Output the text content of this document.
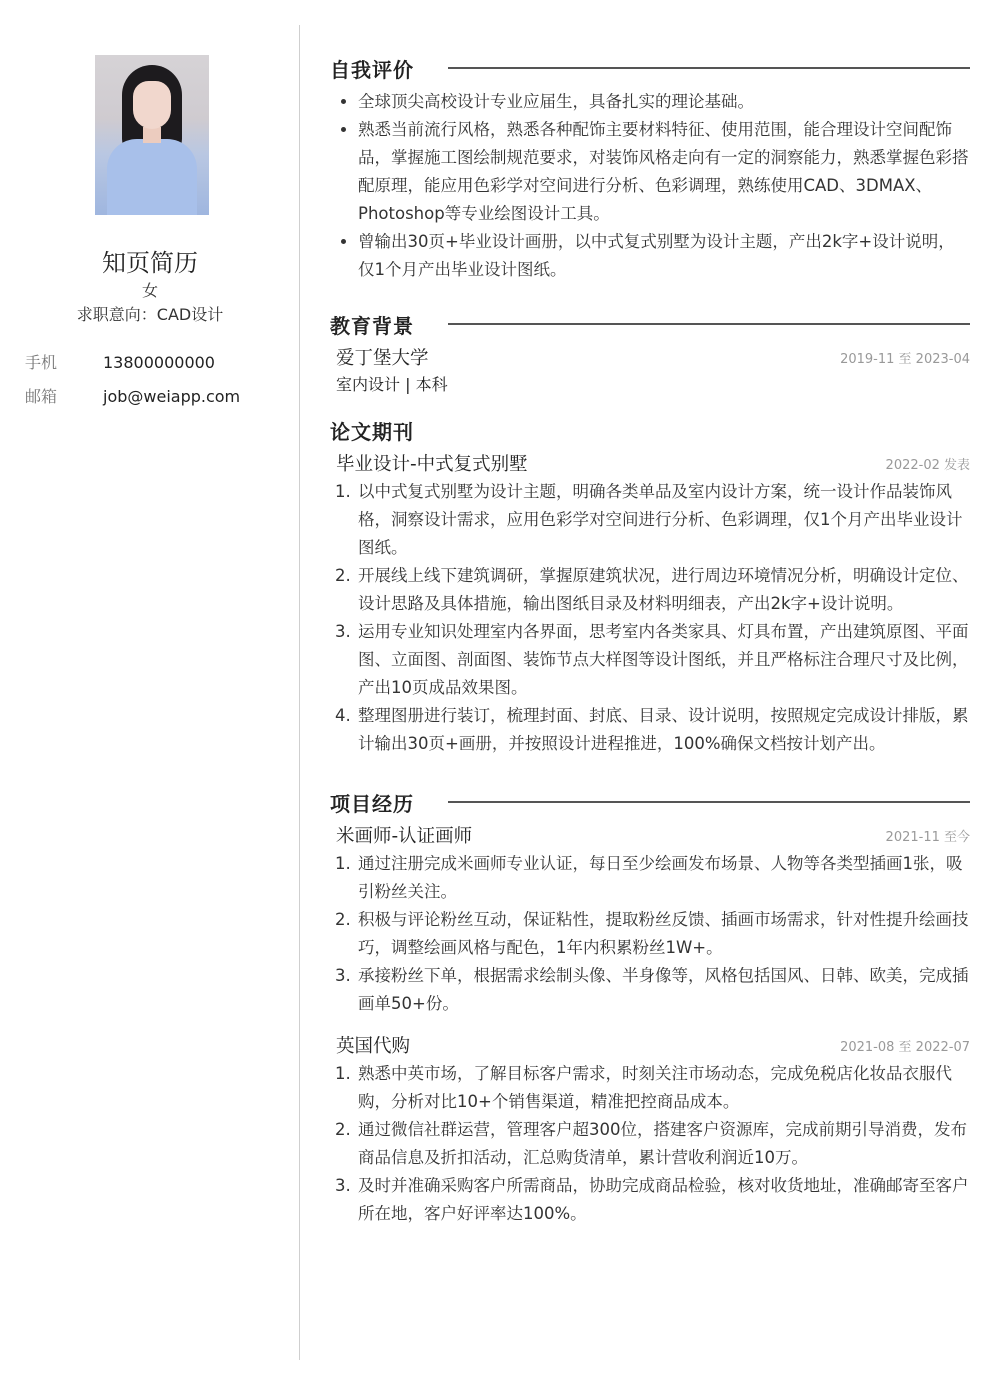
知页简历
女
求职意向：CAD设计
手机	13800000000
邮箱	job@weiapp.com
自我评价
• 全球顶尖高校设计专业应届生，具备扎实的理论基础。
• 熟悉当前流行风格，熟悉各种配饰主要材料特征、使用范围，能合理设计空间配饰品，掌握施工图绘制规范要求，对装饰风格走向有一定的洞察能力，熟悉掌握色彩搭配原理，能应用色彩学对空间进行分析、色彩调理，熟练使用CAD、3DMAX、Photoshop等专业绘图设计工具。
• 曾输出30页+毕业设计画册，以中式复式别墅为设计主题，产出2k字+设计说明，仅1个月产出毕业设计图纸。
教育背景
爱丁堡大学	2019-11 至 2023-04
室内设计 | 本科
论文期刊
毕业设计-中式复式别墅	2022-02 发表
1. 以中式复式别墅为设计主题，明确各类单品及室内设计方案，统一设计作品装饰风格，洞察设计需求，应用色彩学对空间进行分析、色彩调理，仅1个月产出毕业设计图纸。
2. 开展线上线下建筑调研，掌握原建筑状况，进行周边环境情况分析，明确设计定位、设计思路及具体措施，输出图纸目录及材料明细表，产出2k字+设计说明。
3. 运用专业知识处理室内各界面，思考室内各类家具、灯具布置，产出建筑原图、平面图、立面图、剖面图、装饰节点大样图等设计图纸，并且严格标注合理尺寸及比例，产出10页成品效果图。
4. 整理图册进行装订，梳理封面、封底、目录、设计说明，按照规定完成设计排版，累计输出30页+画册，并按照设计进程推进，100%确保文档按计划产出。
项目经历
米画师-认证画师	2021-11 至今
1. 通过注册完成米画师专业认证，每日至少绘画发布场景、人物等各类型插画1张，吸引粉丝关注。
2. 积极与评论粉丝互动，保证粘性，提取粉丝反馈、插画市场需求，针对性提升绘画技巧，调整绘画风格与配色，1年内积累粉丝1W+。
3. 承接粉丝下单，根据需求绘制头像、半身像等，风格包括国风、日韩、欧美，完成插画单50+份。
英国代购	2021-08 至 2022-07
1. 熟悉中英市场，了解目标客户需求，时刻关注市场动态，完成免税店化妆品衣服代购，分析对比10+个销售渠道，精准把控商品成本。
2. 通过微信社群运营，管理客户超300位，搭建客户资源库，完成前期引导消费，发布商品信息及折扣活动，汇总购货清单，累计营收利润近10万。
3. 及时并准确采购客户所需商品，协助完成商品检验，核对收货地址，准确邮寄至客户所在地，客户好评率达100%。
